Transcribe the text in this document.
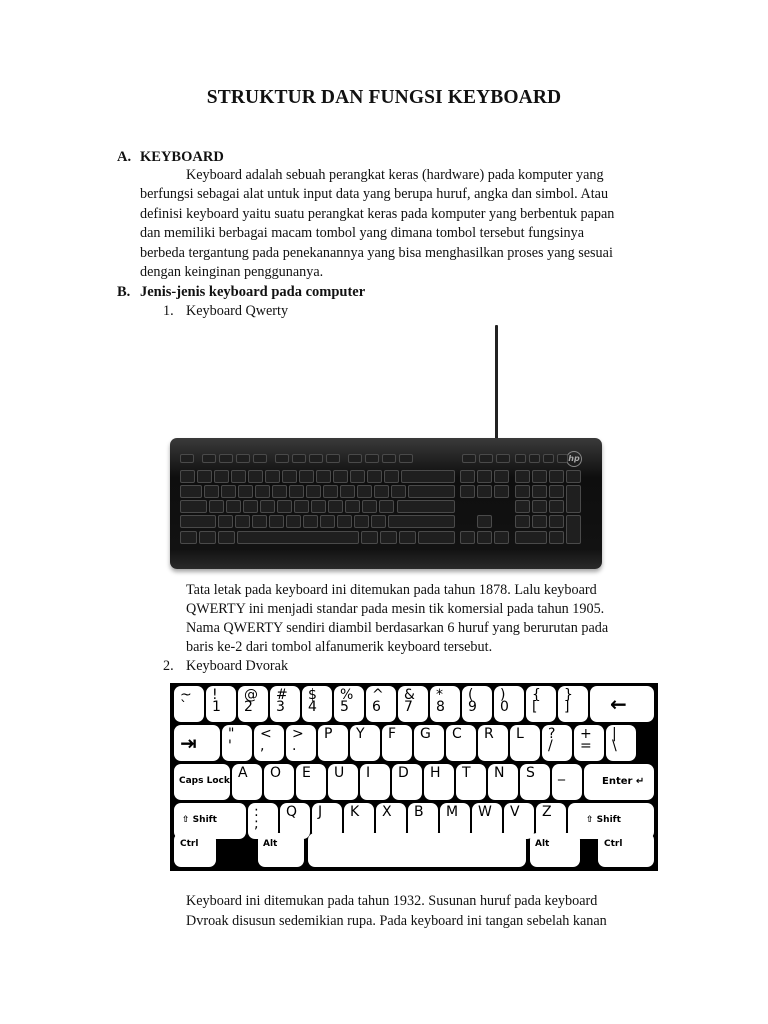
STRUKTUR DAN FUNGSI KEYBOARD
A. KEYBOARD
Keyboard adalah sebuah perangkat keras (hardware) pada komputer yang
berfungsi sebagai alat untuk input data yang berupa huruf, angka dan simbol. Atau
definisi keyboard yaitu suatu perangkat keras pada komputer yang berbentuk papan
dan memiliki berbagai macam tombol yang dimana tombol tersebut fungsinya
berbeda tergantung pada penekanannya yang bisa menghasilkan proses yang sesuai
dengan keinginan penggunanya.
B. Jenis-jenis keyboard pada computer
1. Keyboard Qwerty
hp
Tata letak pada keyboard ini ditemukan pada tahun 1878. Lalu keyboard
QWERTY ini menjadi standar pada mesin tik komersial pada tahun 1905.
Nama QWERTY sendiri diambil berdasarkan 6 huruf yang berurutan pada
baris ke-2 dari tombol alfanumerik keyboard tersebut.
2. Keyboard Dvorak
~
`
!
1
@
2
#
3
$
4
%
5
^
6
&
7
*
8
(
9
)
0
{
[
}
] ←
⇥ "
'
<
,
>
.
P Y F G C R L ?
/
+
=
|
\
Caps Lock A O E U I D H T N S _
Enter ↵
⇧ Shift	:
;
Q J K X B M W V Z	⇧ Shift
Ctrl	Alt	Alt	Ctrl
Keyboard ini ditemukan pada tahun 1932. Susunan huruf pada keyboard
Dvroak disusun sedemikian rupa. Pada keyboard ini tangan sebelah kanan
